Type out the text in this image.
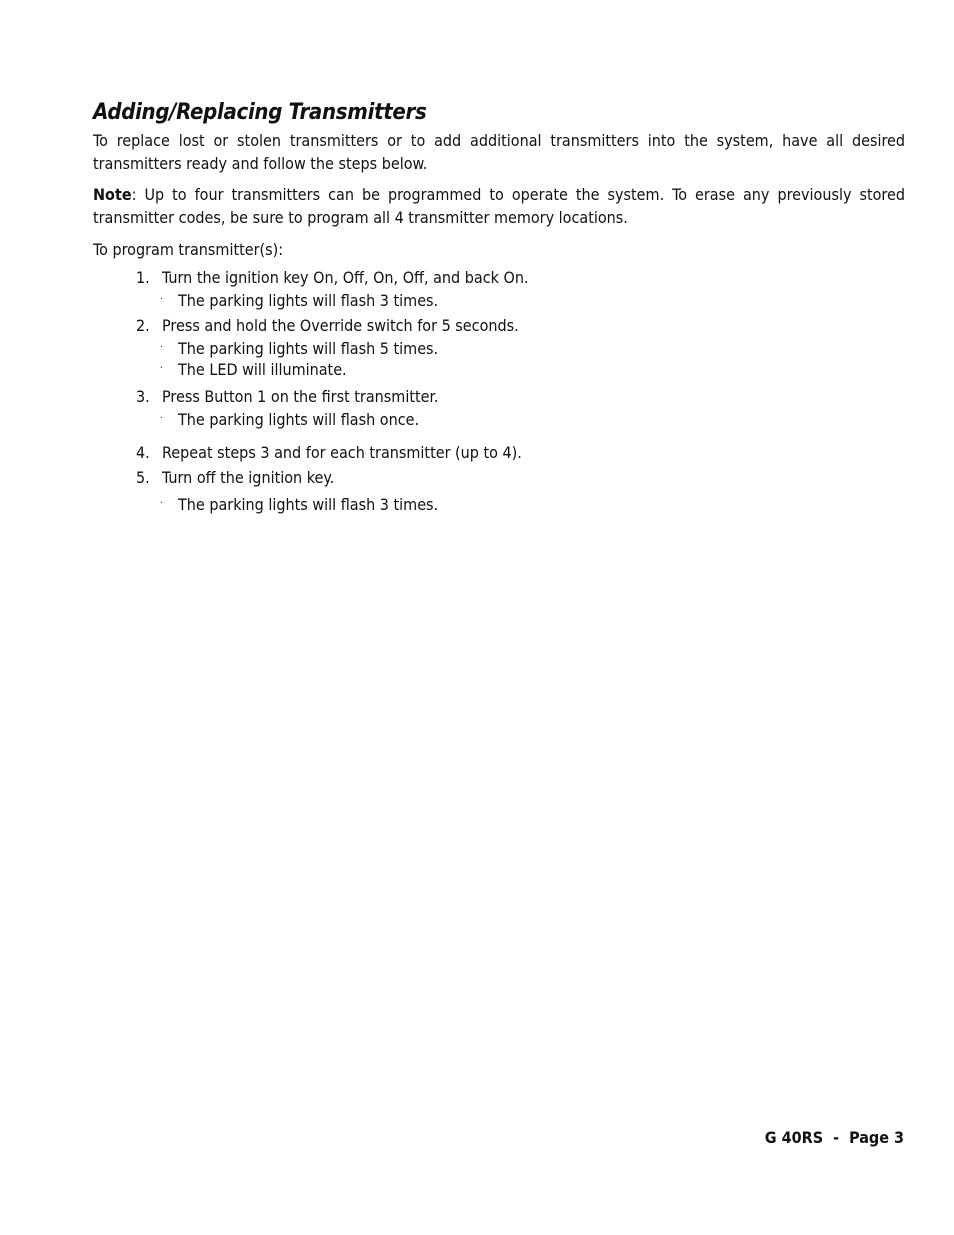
Adding/Replacing Transmitters

To replace lost or stolen transmitters or to add additional transmitters into the system, have all desired transmitters ready and follow the steps below.

Note: Up to four transmitters can be programmed to operate the system. To erase any previously stored transmitter codes, be sure to program all 4 transmitter memory locations.

To program transmitter(s):

1. Turn the ignition key On, Off, On, Off, and back On.
· The parking lights will flash 3 times.
2. Press and hold the Override switch for 5 seconds.
· The parking lights will flash 5 times.
· The LED will illuminate.
3. Press Button 1 on the first transmitter.
· The parking lights will flash once.
4. Repeat steps 3 and for each transmitter (up to 4).
5. Turn off the ignition key.
· The parking lights will flash 3 times.
G 40RS  -  Page 3
